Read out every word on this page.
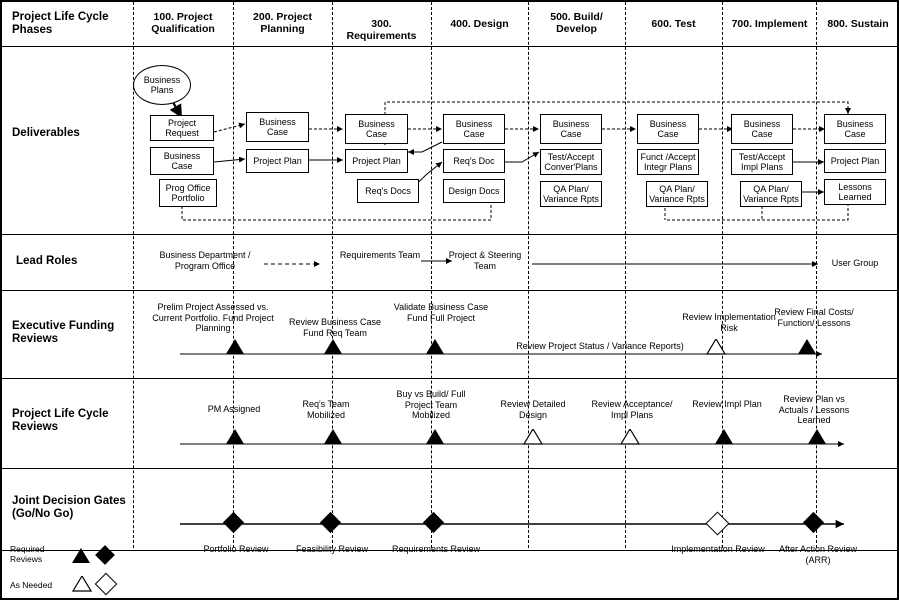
Project Life Cycle Phases
100. Project Qualification
200. Project Planning	300. Requirements
400. Design
500. Build/ Develop	600. Test	700. Implement	800. Sustain
Deliverables
Lead Roles
Executive Funding Reviews
Project Life Cycle Reviews
Joint Decision Gates (Go/No Go)
Business Plans
Project Request
Business Case
Prog Office Portfolio
Business Case
Project Plan
Business Case
Project Plan
Req's Docs
Business Case
Req's Doc
Design Docs
Business Case
Test/Accept Conver'Plans
QA Plan/ Variance Rpts
Business Case
Funct /Accept Integr Plans
QA Plan/ Variance Rpts
Business Case
Test/Accept Impl Plans
QA Plan/ Variance Rpts
Business Case
Project Plan
Lessons Learned
Business Department / Program Office
Requirements Team	Project & Steering Team	User Group
Prelim Project Assessed vs. Current Portfolio. Fund Project Planning
Review Business Case Fund Req Team
Validate Business Case Fund Full Project	Review Implementation Risk
Review Final Costs/ Function/ Lessons
Review Project Status / Variance Reports)
PM Assigned	Req's Team Mobilized
Buy vs Build/ Full Project Team Mobilized
Review Detailed Design
Review Acceptance/ Impl Plans
Review Impl Plan	Review Plan vs Actuals / Lessons Learned
Portfolio Review	Feasibility Review	Requirements Review	Implementation Review	After Action Review (ARR)
Required Reviews
As Needed
